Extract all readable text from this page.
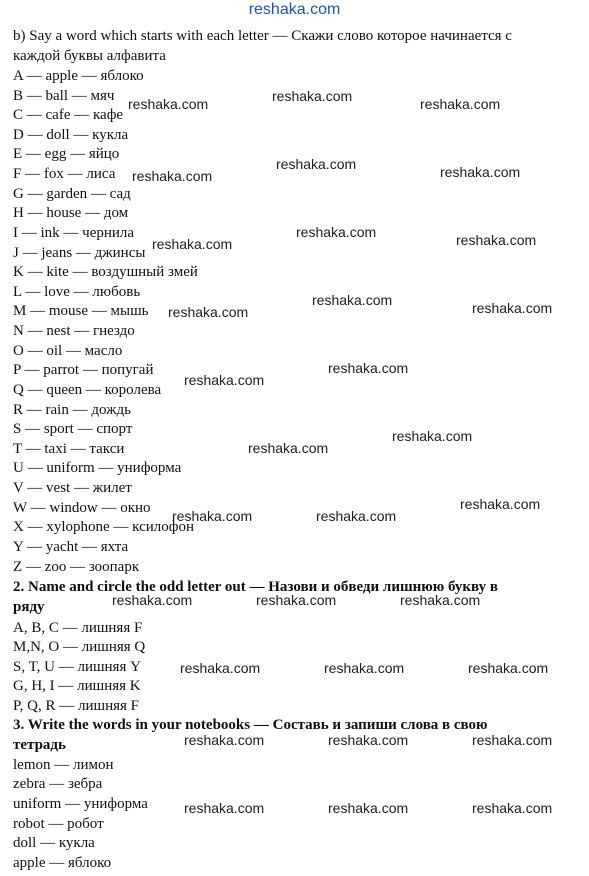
reshaka.com
b) Say a word which starts with each letter — Скажи слово которое начинается с
каждой буквы алфавита
A — apple — яблоко
B — ball — мяч
C — cafe — кафе
D — doll — кукла
E — egg — яйцо
F — fox — лиса
G — garden — сад
H — house — дом
I — ink — чернила
J — jeans — джинсы
K — kite — воздушный змей
L — love — любовь
M — mouse — мышь
N — nest — гнездо
O — oil — масло
P — parrot — попугай
Q — queen — королева
R — rain — дождь
S — sport — спорт
T — taxi — такси
U — uniform — униформа
V — vest — жилет
W — window — окно
X — xylophone — ксилофон
Y — yacht — яхта
Z — zoo — зоопарк
2. Name and circle the odd letter out — Назови и обведи лишнюю букву в
ряду
A, B, C — лишняя F
M,N, O — лишняя Q
S, T, U — лишняя Y
G, H, I — лишняя K
P, Q, R — лишняя F
3. Write the words in your notebooks — Составь и запиши слова в свою
тетрадь
lemon — лимон
zebra — зебра
uniform — униформа
robot — робот
doll — кукла
apple — яблоко
reshaka.com	reshaka.com	reshaka.com
reshaka.com
reshaka.com	reshaka.com
reshaka.com
reshaka.com	reshaka.com
reshaka.com
reshaka.com	reshaka.com
reshaka.com
reshaka.com
reshaka.com
reshaka.com
reshaka.com
reshaka.com	reshaka.com
reshaka.com	reshaka.com	reshaka.com
reshaka.com	reshaka.com	reshaka.com
reshaka.com	reshaka.com	reshaka.com
reshaka.com	reshaka.com	reshaka.com
